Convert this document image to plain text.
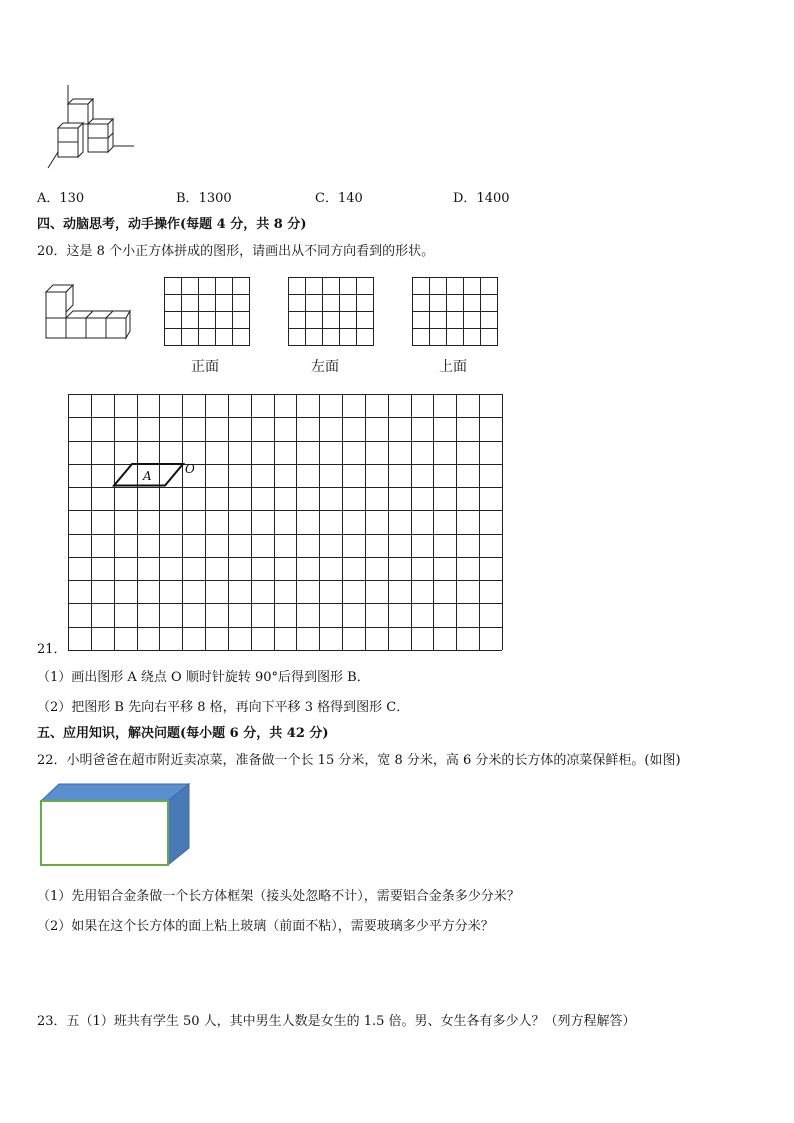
A．130	B．1300	C．140	D．1400
四、动脑思考，动手操作(每题 4 分，共 8 分)
20．这是 8 个小正方体拼成的图形，请画出从不同方向看到的形状。
正面	左面	上面
A	O
21．
（1）画出图形 A 绕点 O 顺时针旋转 90°后得到图形 B．
（2）把图形 B 先向右平移 8 格，再向下平移 3 格得到图形 C．
五、应用知识，解决问题(每小题 6 分，共 42 分)
22．小明爸爸在超市附近卖凉菜，准备做一个长 15 分米，宽 8 分米，高 6 分米的长方体的凉菜保鲜柜。(如图)
（1）先用铝合金条做一个长方体框架（接头处忽略不计），需要铝合金条多少分米？
（2）如果在这个长方体的面上粘上玻璃（前面不粘），需要玻璃多少平方分米？
23．五（1）班共有学生 50 人，其中男生人数是女生的 1.5 倍。男、女生各有多少人？（列方程解答）
